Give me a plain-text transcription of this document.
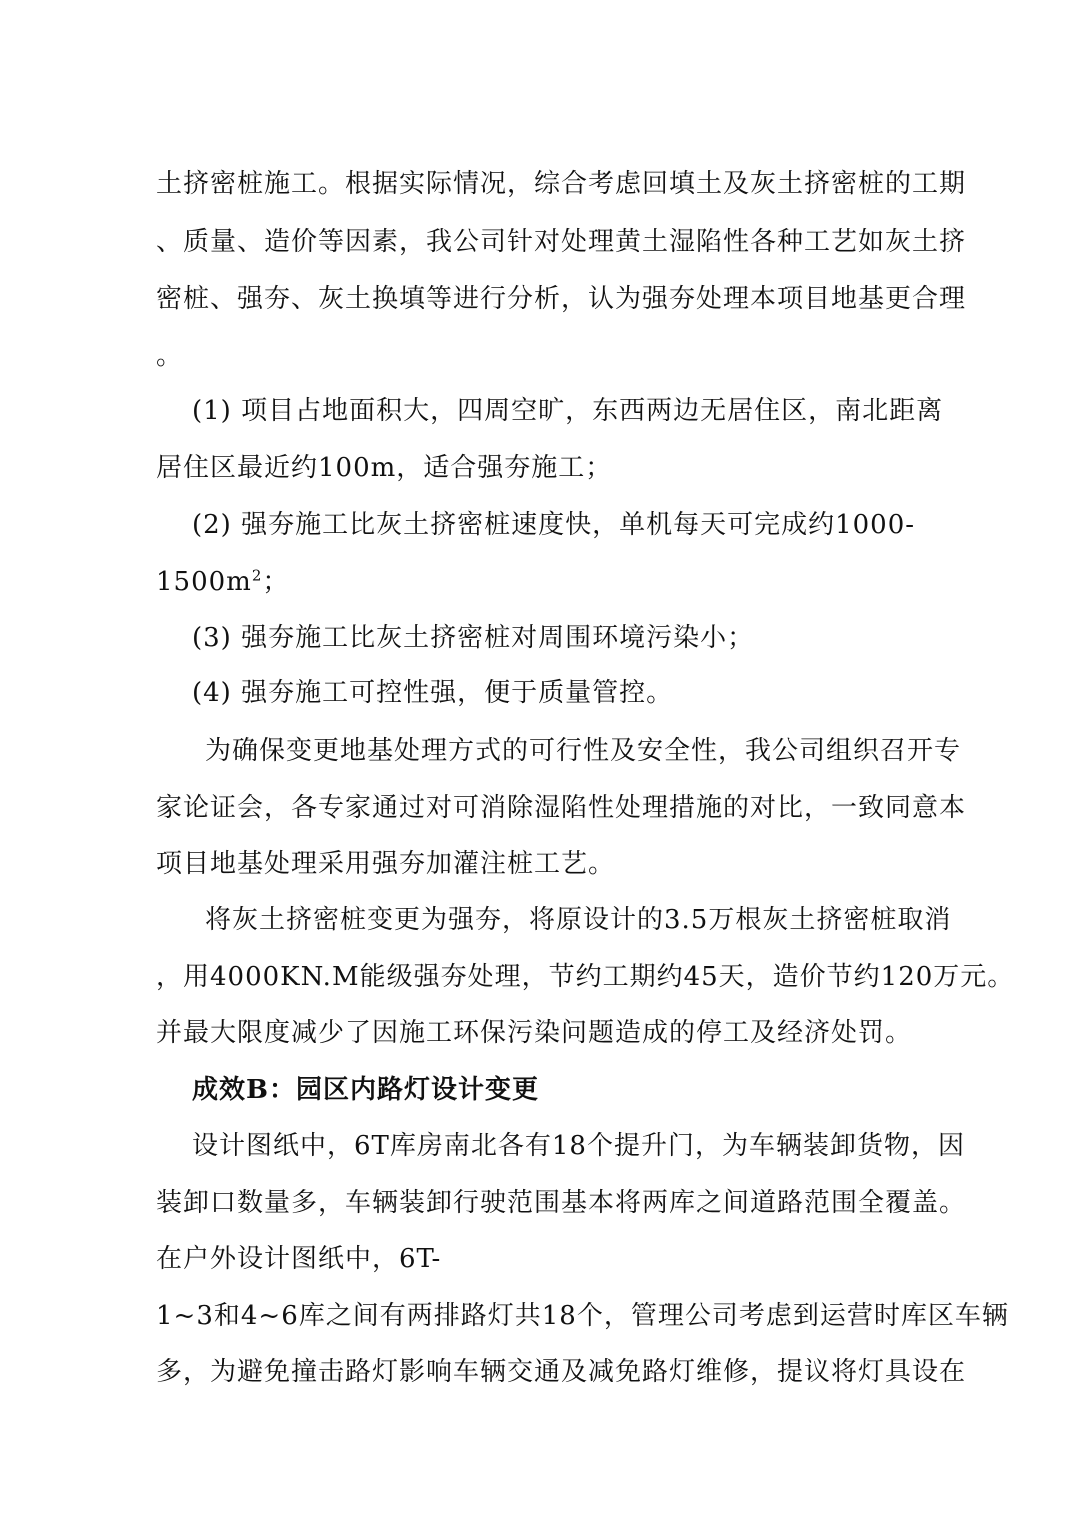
土挤密桩施工。根据实际情况，综合考虑回填土及灰土挤密桩的工期

、质量、造价等因素，我公司针对处理黄土湿陷性各种工艺如灰土挤

密桩、强夯、灰土换填等进行分析，认为强夯处理本项目地基更合理

。

(1) 项目占地面积大，四周空旷，东西两边无居住区，南北距离

居住区最近约100m，适合强夯施工；

(2) 强夯施工比灰土挤密桩速度快，单机每天可完成约1000-

$1500m^2$；

(3) 强夯施工比灰土挤密桩对周围环境污染小；

(4) 强夯施工可控性强，便于质量管控。

为确保变更地基处理方式的可行性及安全性，我公司组织召开专

家论证会，各专家通过对可消除湿陷性处理措施的对比，一致同意本

项目地基处理采用强夯加灌注桩工艺。

将灰土挤密桩变更为强夯，将原设计的3.5万根灰土挤密桩取消

，用4000KN.M能级强夯处理，节约工期约45天，造价节约120万元。

并最大限度减少了因施工环保污染问题造成的停工及经济处罚。

成效B：园区内路灯设计变更

设计图纸中，6T库房南北各有18个提升门，为车辆装卸货物，因

装卸口数量多，车辆装卸行驶范围基本将两库之间道路范围全覆盖。

在户外设计图纸中，6T-

1~3和4~6库之间有两排路灯共18个，管理公司考虑到运营时库区车辆

多，为避免撞击路灯影响车辆交通及减免路灯维修，提议将灯具设在
